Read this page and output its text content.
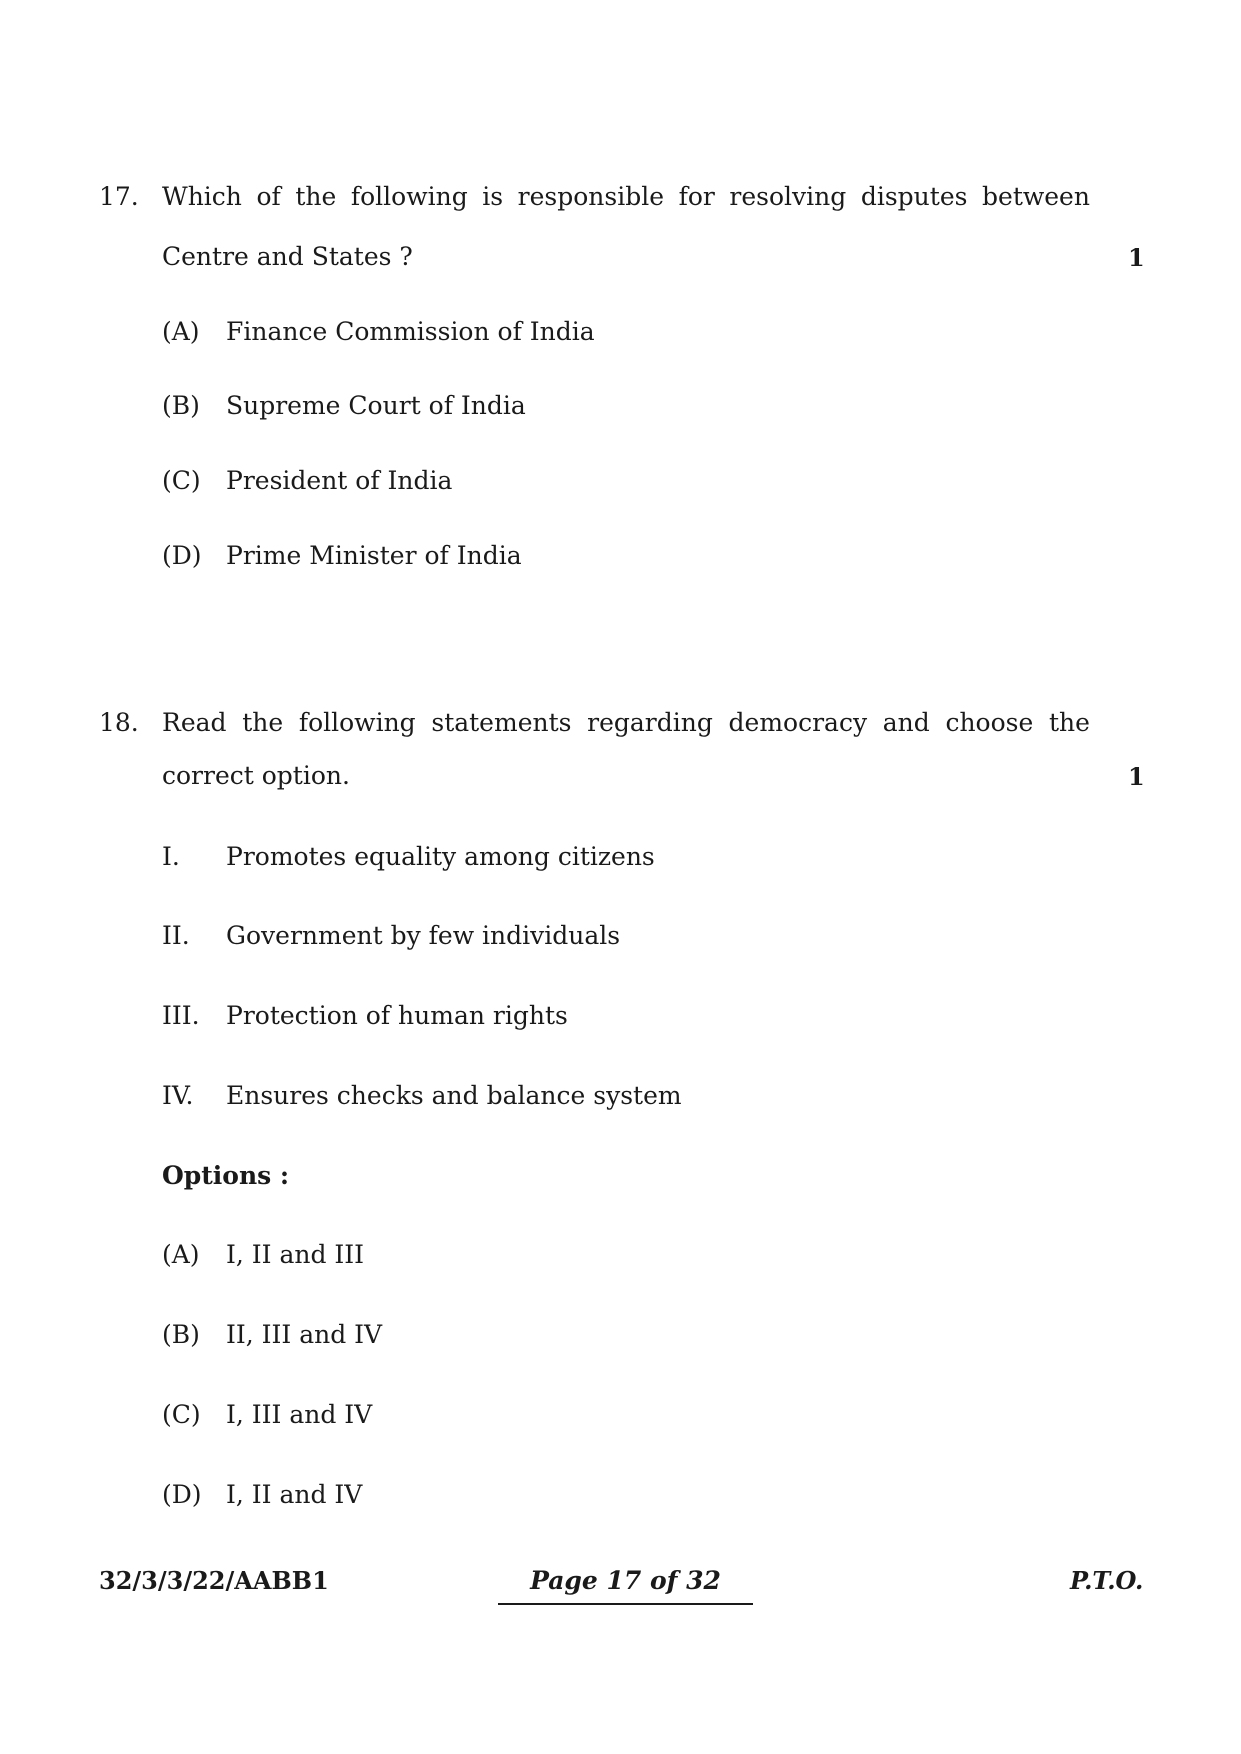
17. Which of the following is responsible for resolving disputes between
Centre and States ?	1
(A) Finance Commission of India
(B) Supreme Court of India
(C) President of India
(D) Prime Minister of India
18. Read the following statements regarding democracy and choose the
correct option.	1
I. Promotes equality among citizens
II. Government by few individuals
III. Protection of human rights
IV. Ensures checks and balance system
Options :
(A) I, II and III
(B) II, III and IV
(C) I, III and IV
(D) I, II and IV
32/3/3/22/AABB1	Page 17 of 32	P.T.O.
